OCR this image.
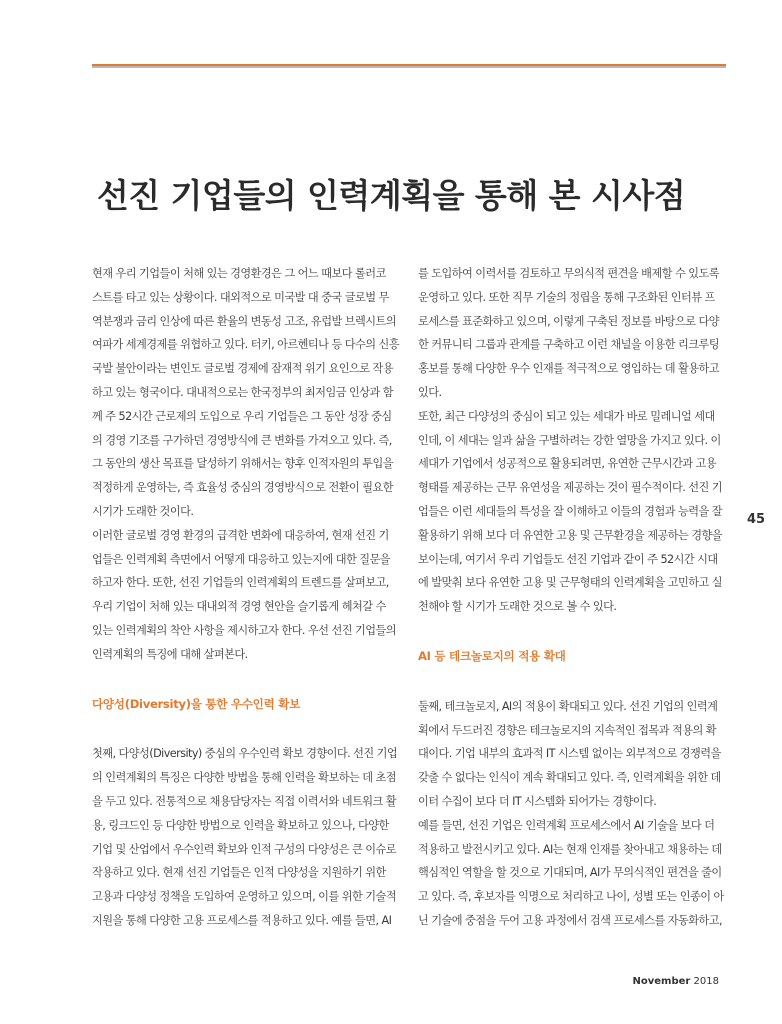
선진 기업들의 인력계획을 통해 본 시사점
현재 우리 기업들이 처해 있는 경영환경은 그 어느 때보다 롤러코
스트를 타고 있는 상황이다. 대외적으로 미국발 대 중국 글로벌 무
역분쟁과 금리 인상에 따른 환율의 변동성 고조, 유럽발 브렉시트의
여파가 세계경제를 위협하고 있다. 터키, 아르헨티나 등 다수의 신흥
국발 불안이라는 변인도 글로벌 경제에 잠재적 위기 요인으로 작용
하고 있는 형국이다. 대내적으로는 한국정부의 최저임금 인상과 함
께 주 52시간 근로제의 도입으로 우리 기업들은 그 동안 성장 중심
의 경영 기조를 구가하던 경영방식에 큰 변화를 가져오고 있다. 즉,
그 동안의 생산 목표를 달성하기 위해서는 향후 인적자원의 투입을
적정하게 운영하는, 즉 효율성 중심의 경영방식으로 전환이 필요한
시기가 도래한 것이다.
이러한 글로벌 경영 환경의 급격한 변화에 대응하여, 현재 선진 기
업들은 인력계획 측면에서 어떻게 대응하고 있는지에 대한 질문을
하고자 한다. 또한, 선진 기업들의 인력계획의 트렌드를 살펴보고,
우리 기업이 처해 있는 대내외적 경영 현안을 슬기롭게 헤쳐갈 수
있는 인력계획의 착안 사항을 제시하고자 한다. 우선 선진 기업들의
인력계획의 특징에 대해 살펴본다.
다양성(Diversity)을 통한 우수인력 확보
첫째, 다양성(Diversity) 중심의 우수인력 확보 경향이다. 선진 기업
의 인력계획의 특징은 다양한 방법을 통해 인력을 확보하는 데 초점
을 두고 있다. 전통적으로 채용담당자는 직접 이력서와 네트워크 활
용, 링크드인 등 다양한 방법으로 인력을 확보하고 있으나, 다양한
기업 및 산업에서 우수인력 확보와 인적 구성의 다양성은 큰 이슈로
작용하고 있다. 현재 선진 기업들은 인적 다양성을 지원하기 위한
고용과 다양성 정책을 도입하여 운영하고 있으며, 이를 위한 기술적
지원을 통해 다양한 고용 프로세스를 적용하고 있다. 예를 들면, AI
를 도입하여 이력서를 검토하고 무의식적 편견을 배제할 수 있도록
운영하고 있다. 또한 직무 기술의 정립을 통해 구조화된 인터뷰 프
로세스를 표준화하고 있으며, 이렇게 구축된 정보를 바탕으로 다양
한 커뮤니티 그룹과 관계를 구축하고 이런 채널을 이용한 리크루팅
홍보를 통해 다양한 우수 인재를 적극적으로 영입하는 데 활용하고
있다.
또한, 최근 다양성의 중심이 되고 있는 세대가 바로 밀레니얼 세대
인데, 이 세대는 일과 삶을 구별하려는 강한 열망을 가지고 있다. 이
세대가 기업에서 성공적으로 활용되려면, 유연한 근무시간과 고용
형태를 제공하는 근무 유연성을 제공하는 것이 필수적이다. 선진 기
업들은 이런 세대들의 특성을 잘 이해하고 이들의 경험과 능력을 잘
활용하기 위해 보다 더 유연한 고용 및 근무환경을 제공하는 경향을
보이는데, 여기서 우리 기업들도 선진 기업과 같이 주 52시간 시대
에 발맞춰 보다 유연한 고용 및 근무형태의 인력계획을 고민하고 실
천해야 할 시기가 도래한 것으로 볼 수 있다.
AI 등 테크놀로지의 적용 확대
둘째, 테크놀로지, AI의 적용이 확대되고 있다. 선진 기업의 인력계
획에서 두드러진 경향은 테크놀로지의 지속적인 접목과 적용의 확
대이다. 기업 내부의 효과적 IT 시스템 없이는 외부적으로 경쟁력을
갖출 수 없다는 인식이 계속 확대되고 있다. 즉, 인력계획을 위한 데
이터 수집이 보다 더 IT 시스템화 되어가는 경향이다.
예를 들면, 선진 기업은 인력계획 프로세스에서 AI 기술을 보다 더
적용하고 발전시키고 있다. AI는 현재 인재를 찾아내고 채용하는 데
핵심적인 역할을 할 것으로 기대되며, AI가 무의식적인 편견을 줄이
고 있다. 즉, 후보자를 익명으로 처리하고 나이, 성별 또는 인종이 아
닌 기술에 중점을 두어 고용 과정에서 검색 프로세스를 자동화하고,
45
November 2018
